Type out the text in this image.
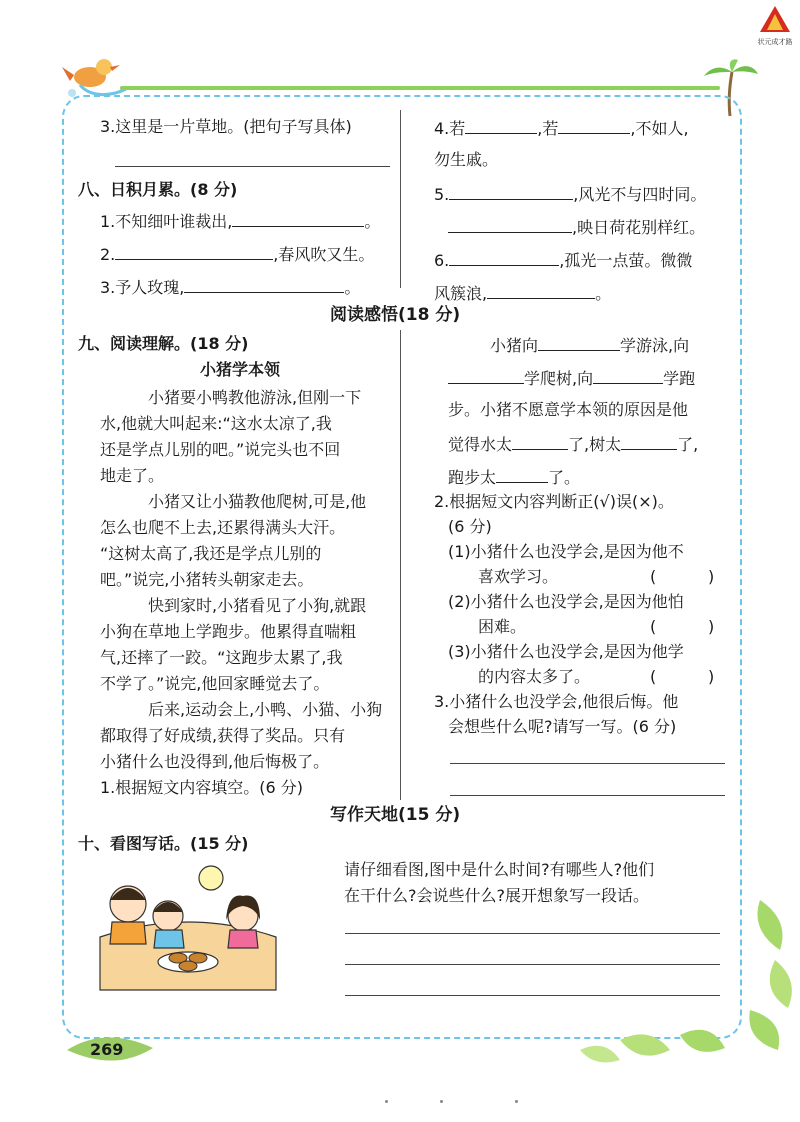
状元成才路
3.这里是一片草地。(把句子写具体)
八、日积月累。(8 分)
1.不知细叶谁裁出,	。
2.	,春风吹又生。
3.予人玫瑰,	。
4.若	,若	,不如人,
勿生戚。
5.	,风光不与四时同。
,映日荷花别样红。
6.	,孤光一点萤。微微
风簇浪,	。
阅读感悟(18 分)
九、阅读理解。(18 分)
小猪学本领
小猪要小鸭教他游泳,但刚一下
水,他就大叫起来:“这水太凉了,我
还是学点儿别的吧。”说完头也不回
地走了。
小猪又让小猫教他爬树,可是,他
怎么也爬不上去,还累得满头大汗。
“这树太高了,我还是学点儿别的
吧。”说完,小猪转头朝家走去。
快到家时,小猪看见了小狗,就跟
小狗在草地上学跑步。他累得直喘粗
气,还摔了一跤。“这跑步太累了,我
不学了。”说完,他回家睡觉去了。
后来,运动会上,小鸭、小猫、小狗
都取得了好成绩,获得了奖品。只有
小猪什么也没得到,他后悔极了。
1.根据短文内容填空。(6 分)
小猪向	学游泳,向
学爬树,向	学跑
步。小猪不愿意学本领的原因是他
觉得水太	了,树太	了,
跑步太	了。
2.根据短文内容判断正(√)误(×)。
(6 分)
(1)小猪什么也没学会,是因为他不
喜欢学习。	(	)
(2)小猪什么也没学会,是因为他怕
困难。	(	)
(3)小猪什么也没学会,是因为他学
的内容太多了。	(	)
3.小猪什么也没学会,他很后悔。他
会想些什么呢?请写一写。(6 分)
写作天地(15 分)
十、看图写话。(15 分)
请仔细看图,图中是什么时间?有哪些人?他们
在干什么?会说些什么?展开想象写一段话。
269
